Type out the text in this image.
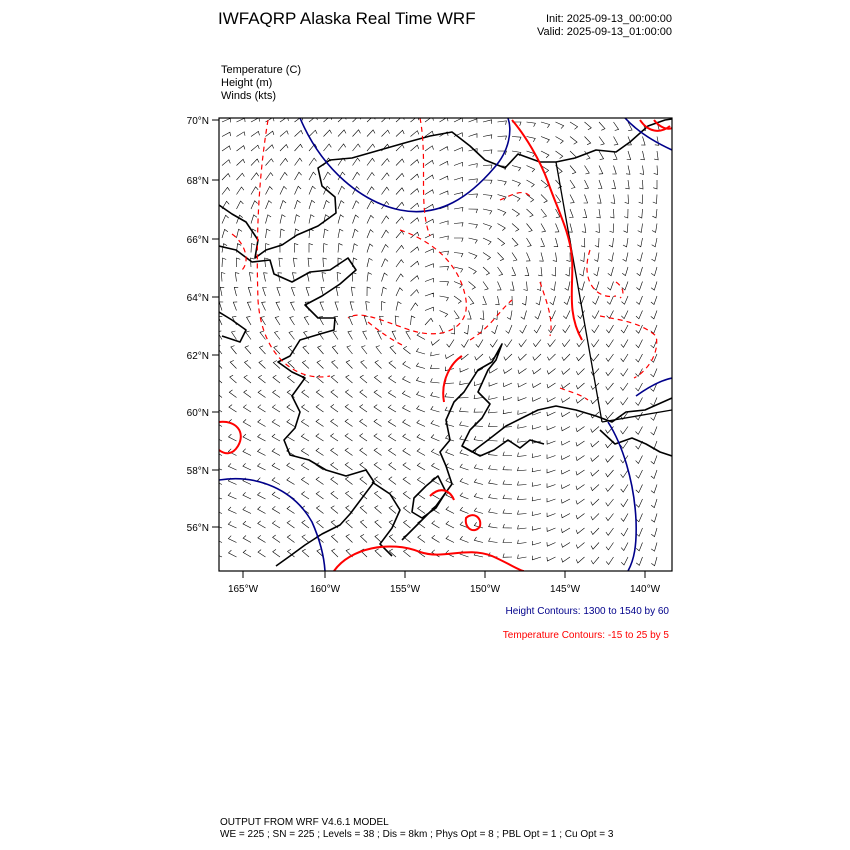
IWFAQRP Alaska Real Time WRF	Init: 2025-09-13_00:00:00
Valid: 2025-09-13_01:00:00
Temperature (C)
Height (m)
Winds (kts)
70°N
68°N
66°N
64°N
62°N
60°N
58°N
56°N
165°W	160°W	155°W	150°W	145°W	140°W
Height Contours: 1300 to 1540 by 60
Temperature Contours: -15 to 25 by 5
OUTPUT FROM WRF V4.6.1 MODEL
WE = 225 ; SN = 225 ; Levels = 38 ; Dis = 8km ; Phys Opt = 8 ; PBL Opt = 1 ; Cu Opt = 3
